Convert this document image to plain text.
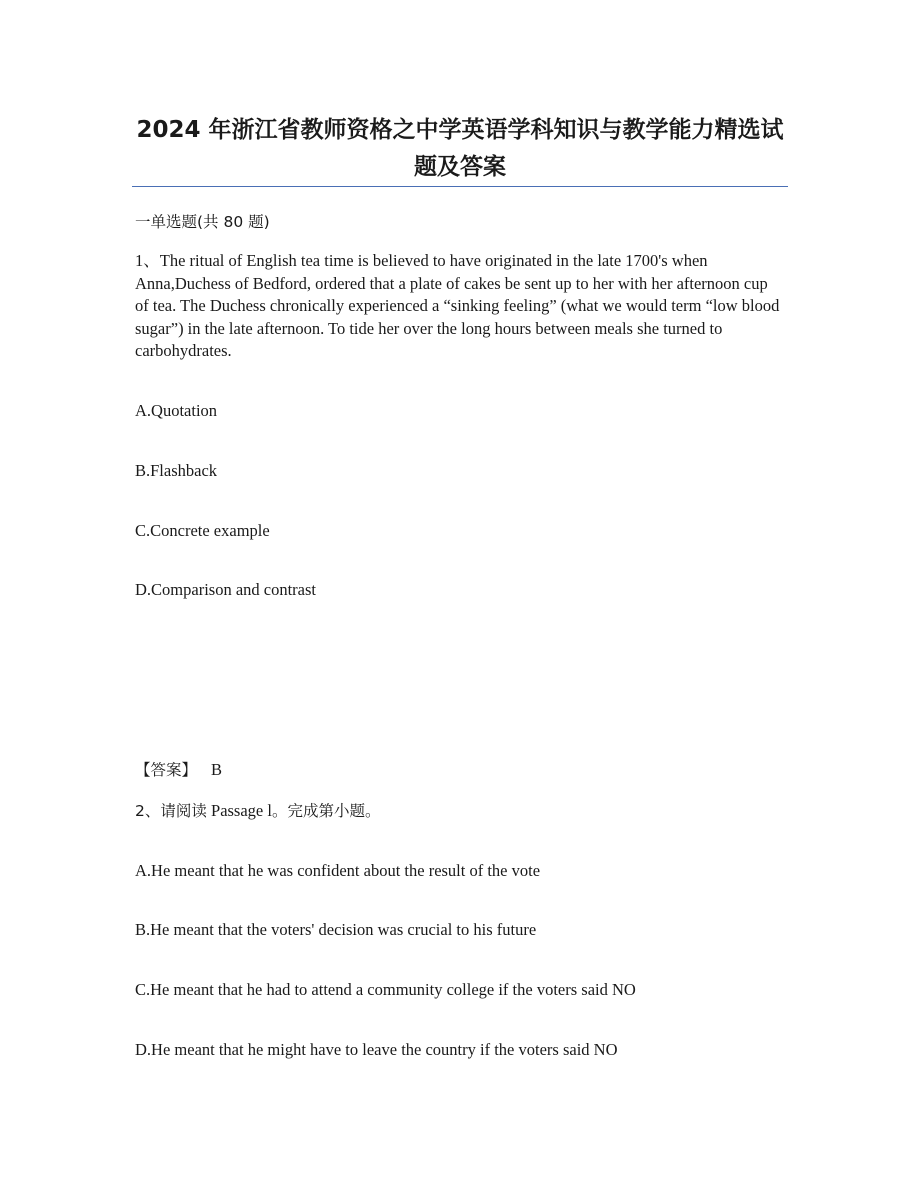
2024 年浙江省教师资格之中学英语学科知识与教学能力精选试题及答案
一单选题(共 80 题)
1、The ritual of English tea time is believed to have originated in the late 1700's when Anna,Duchess of Bedford, ordered that a plate of cakes be sent up to her with her afternoon cup of tea. The Duchess chronically experienced a “sinking feeling” (what we would term “low blood sugar”) in the late afternoon. To tide her over the long hours between meals she turned to carbohydrates.
A.Quotation
B.Flashback
C.Concrete example
D.Comparison and contrast
【答案】 B
2、请阅读 Passage l。完成第小题。
A.He meant that he was confident about the result of the vote
B.He meant that the voters' decision was crucial to his future
C.He meant that he had to attend a community college if the voters said NO
D.He meant that he might have to leave the country if the voters said NO
